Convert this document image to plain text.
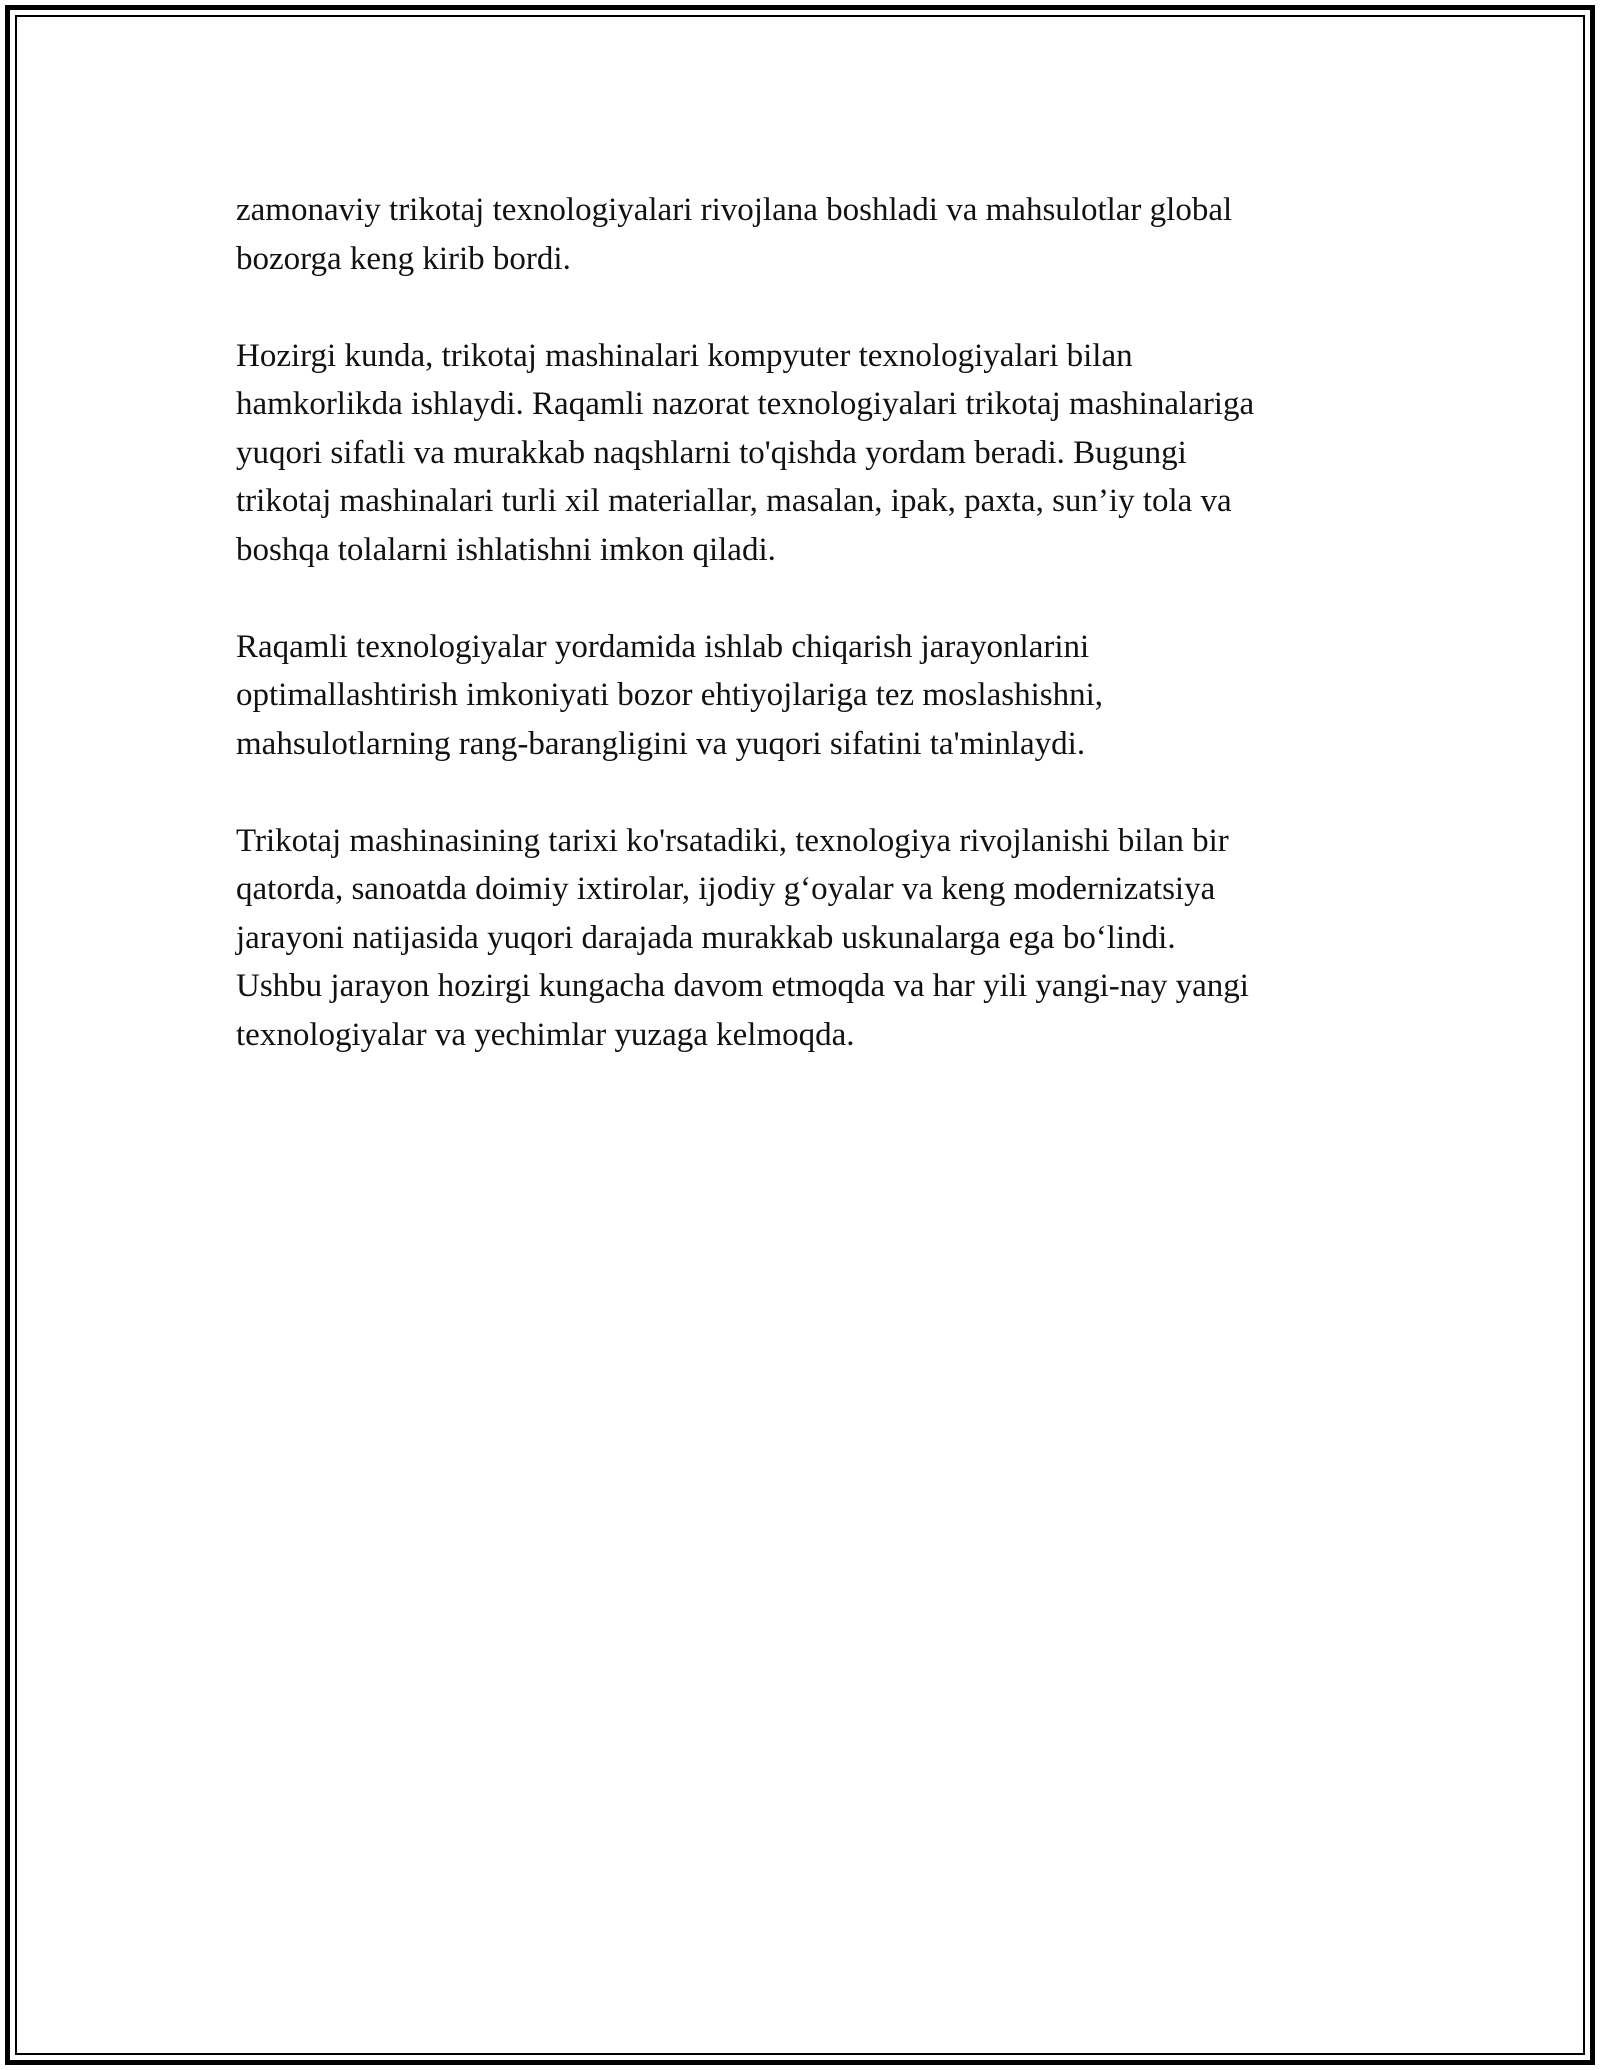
zamonaviy trikotaj texnologiyalari rivojlana boshladi va mahsulotlar global
bozorga keng kirib bordi.

Hozirgi kunda, trikotaj mashinalari kompyuter texnologiyalari bilan
hamkorlikda ishlaydi. Raqamli nazorat texnologiyalari trikotaj mashinalariga
yuqori sifatli va murakkab naqshlarni to'qishda yordam beradi. Bugungi
trikotaj mashinalari turli xil materiallar, masalan, ipak, paxta, sun’iy tola va
boshqa tolalarni ishlatishni imkon qiladi.

Raqamli texnologiyalar yordamida ishlab chiqarish jarayonlarini
optimallashtirish imkoniyati bozor ehtiyojlariga tez moslashishni,
mahsulotlarning rang-barangligini va yuqori sifatini ta'minlaydi.

Trikotaj mashinasining tarixi ko'rsatadiki, texnologiya rivojlanishi bilan bir
qatorda, sanoatda doimiy ixtirolar, ijodiy g‘oyalar va keng modernizatsiya
jarayoni natijasida yuqori darajada murakkab uskunalarga ega bo‘lindi.
Ushbu jarayon hozirgi kungacha davom etmoqda va har yili yangi-nay yangi
texnologiyalar va yechimlar yuzaga kelmoqda.
